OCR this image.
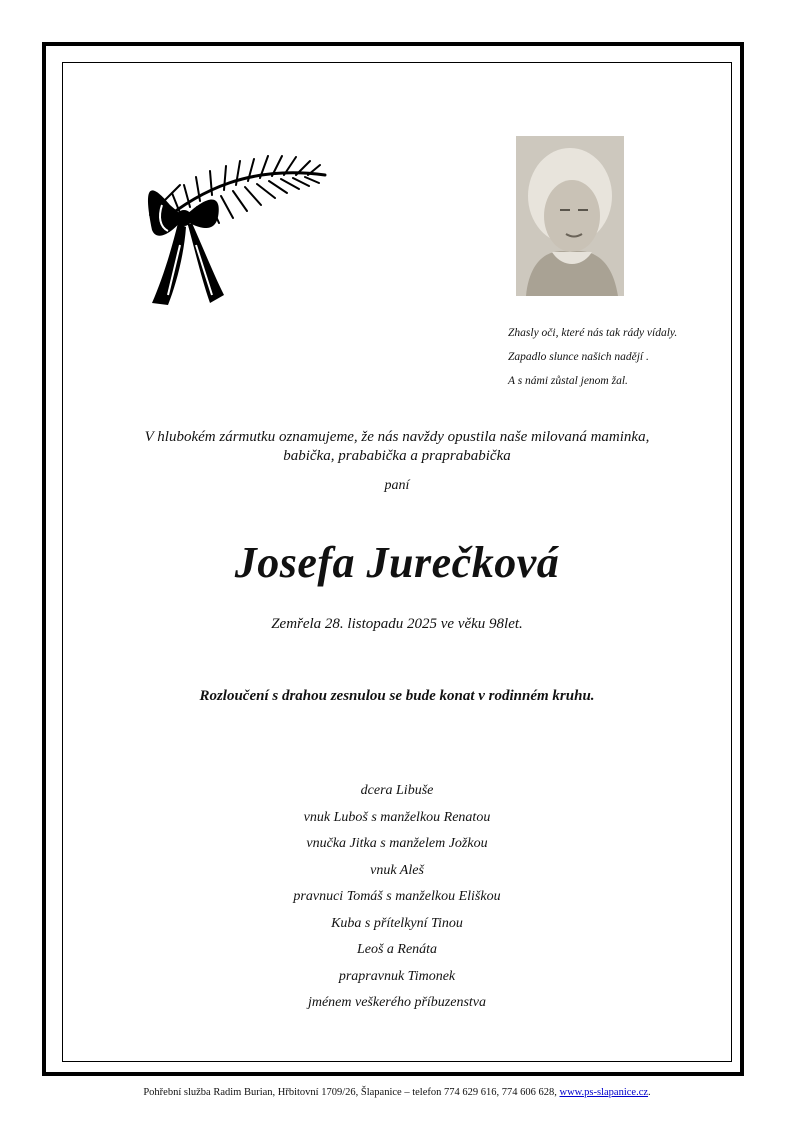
Zhasly oči, které nás tak rády vídaly.
Zapadlo slunce našich nadějí .
A s námi zůstal jenom žal.
V hlubokém zármutku oznamujeme, že nás navždy opustila naše milovaná maminka,
babička, prababička a praprababička
paní
Josefa Jurečková
Zemřela 28. listopadu 2025 ve věku 98let.
Rozloučení s drahou zesnulou se bude konat v rodinném kruhu.
dcera Libuše
vnuk Luboš s manželkou Renatou
vnučka Jitka s manželem Jožkou
vnuk Aleš
pravnuci Tomáš s manželkou Eliškou
Kuba s přítelkyní Tinou
Leoš a Renáta
prapravnuk Timonek
jménem veškerého příbuzenstva
Pohřební služba Radim Burian, Hřbitovní 1709/26, Šlapanice – telefon 774 629 616, 774 606 628, www.ps-slapanice.cz.
